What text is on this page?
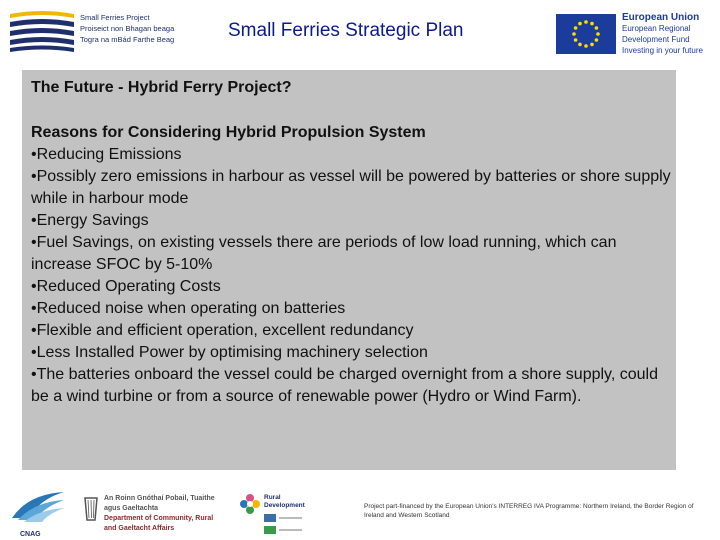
Small Ferries Project
Proiseict non Bhagan beaga
Togra na mBád Farthe Beag	Small Ferries Strategic Plan
European Union
European Regional
Development Fund
Investing in your future
The Future - Hybrid Ferry Project?
Reasons for Considering Hybrid Propulsion System
•Reducing Emissions
•Possibly zero emissions in harbour as vessel will be powered by batteries or shore supply while in harbour mode
•Energy Savings
•Fuel Savings, on existing vessels there are periods of low load running, which can increase SFOC by 5-10%
•Reduced Operating Costs
•Reduced noise when operating on batteries
•Flexible and efficient operation, excellent redundancy
•Less Installed Power by optimising machinery selection
•The batteries onboard the vessel could be charged overnight from a shore supply, could be a wind turbine or from a source of renewable power (Hydro or Wind Farm).
CNAG
An Roinn Gnóthaí Pobail, Tuaithe
agus Gaeltachta
Department of Community, Rural
and Gaeltacht Affairs
Rural
Development	Project part-financed by the European Union's INTERREG IVA Programme: Northern Ireland, the Border Region of Ireland and Western Scotland
